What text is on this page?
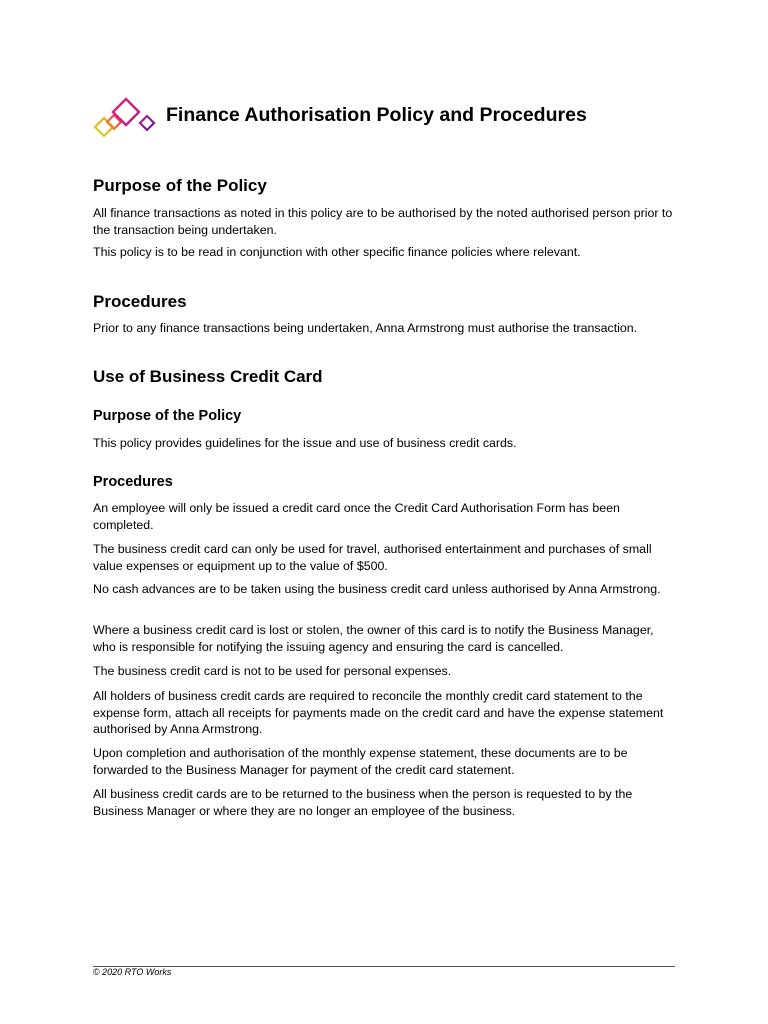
Finance Authorisation Policy and Procedures
Purpose of the Policy
All finance transactions as noted in this policy are to be authorised by the noted authorised person prior to the transaction being undertaken.
This policy is to be read in conjunction with other specific finance policies where relevant.
Procedures
Prior to any finance transactions being undertaken, Anna Armstrong must authorise the transaction.
Use of Business Credit Card
Purpose of the Policy
This policy provides guidelines for the issue and use of business credit cards.
Procedures
An employee will only be issued a credit card once the Credit Card Authorisation Form has been completed.
The business credit card can only be used for travel, authorised entertainment and purchases of small value expenses or equipment up to the value of $500.
No cash advances are to be taken using the business credit card unless authorised by Anna Armstrong.
Where a business credit card is lost or stolen, the owner of this card is to notify the Business Manager, who is responsible for notifying the issuing agency and ensuring the card is cancelled.
The business credit card is not to be used for personal expenses.
All holders of business credit cards are required to reconcile the monthly credit card statement to the expense form, attach all receipts for payments made on the credit card and have the expense statement authorised by Anna Armstrong.
Upon completion and authorisation of the monthly expense statement, these documents are to be forwarded to the Business Manager for payment of the credit card statement.
All business credit cards are to be returned to the business when the person is requested to by the Business Manager or where they are no longer an employee of the business.
© 2020 RTO Works
